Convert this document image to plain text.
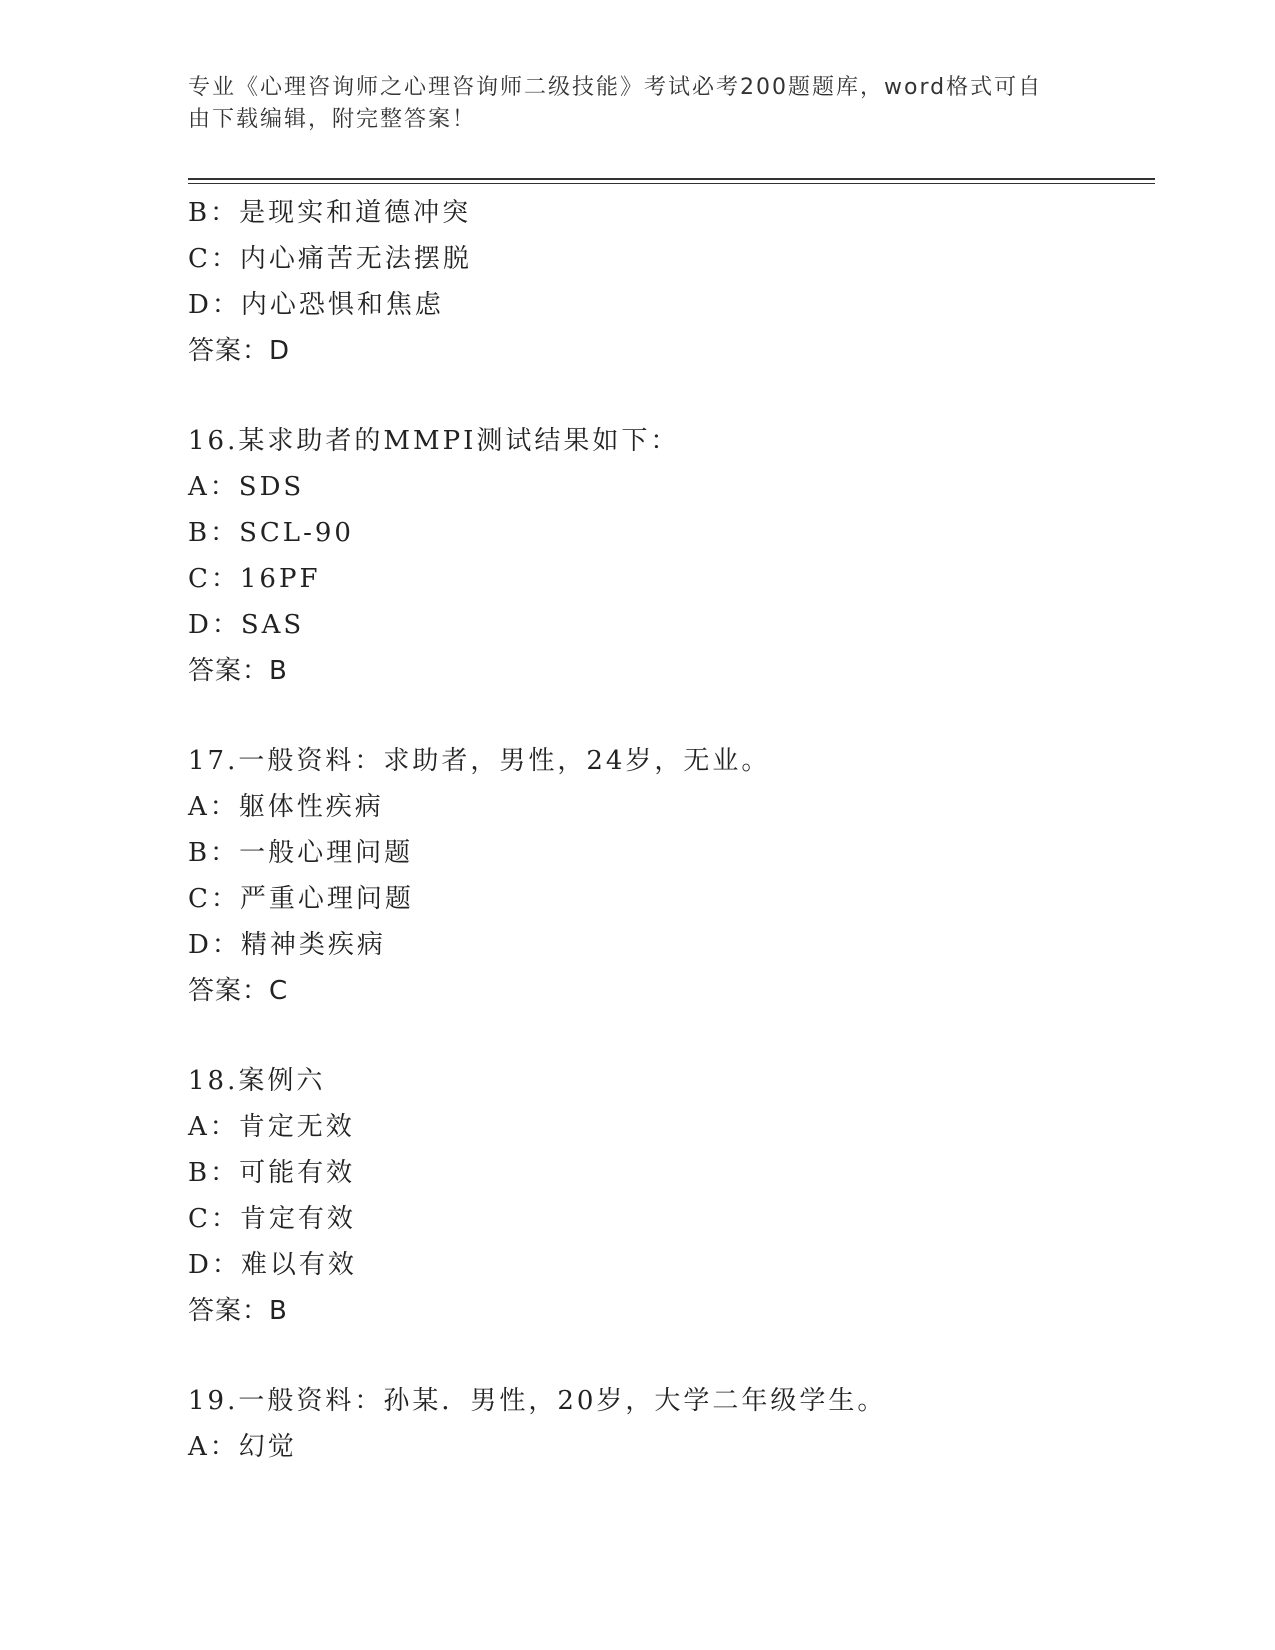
专业《心理咨询师之心理咨询师二级技能》考试必考200题题库，word格式可自
由下载编辑，附完整答案！
B：是现实和道德冲突
C：内心痛苦无法摆脱
D：内心恐惧和焦虑
答案：D
16.某求助者的MMPI测试结果如下：
A：SDS
B：SCL-90
C：16PF
D：SAS
答案：B
17.一般资料：求助者，男性，24岁，无业。
A：躯体性疾病
B：一般心理问题
C：严重心理问题
D：精神类疾病
答案：C
18.案例六
A：肯定无效
B：可能有效
C：肯定有效
D：难以有效
答案：B
19.一般资料：孙某．男性，20岁，大学二年级学生。
A：幻觉
